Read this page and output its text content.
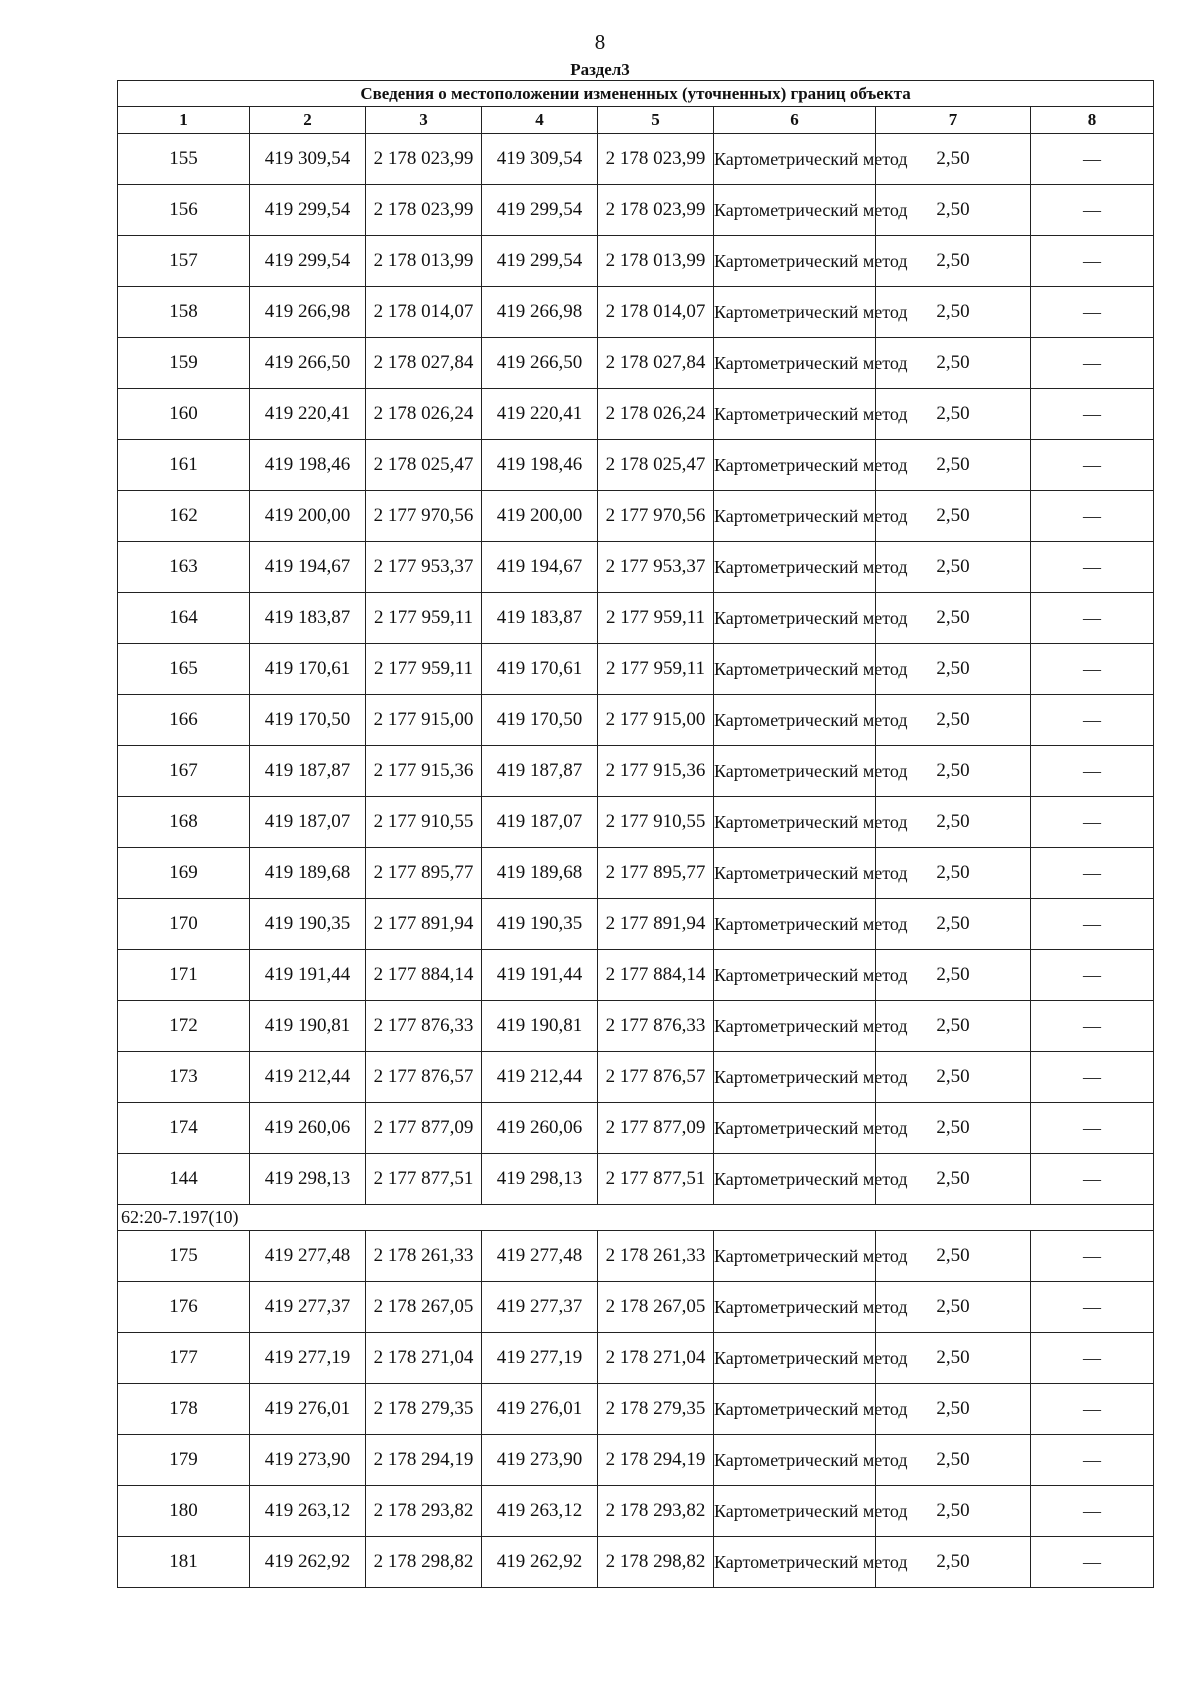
8
Раздел3
Сведения о местоположении измененных (уточненных) границ объекта							
1	2	3	4	5	6	7	8
155	419 309,54	2 178 023,99	419 309,54	2 178 023,99	Картометрический метод	2,50	—
156	419 299,54	2 178 023,99	419 299,54	2 178 023,99	Картометрический метод	2,50	—
157	419 299,54	2 178 013,99	419 299,54	2 178 013,99	Картометрический метод	2,50	—
158	419 266,98	2 178 014,07	419 266,98	2 178 014,07	Картометрический метод	2,50	—
159	419 266,50	2 178 027,84	419 266,50	2 178 027,84	Картометрический метод	2,50	—
160	419 220,41	2 178 026,24	419 220,41	2 178 026,24	Картометрический метод	2,50	—
161	419 198,46	2 178 025,47	419 198,46	2 178 025,47	Картометрический метод	2,50	—
162	419 200,00	2 177 970,56	419 200,00	2 177 970,56	Картометрический метод	2,50	—
163	419 194,67	2 177 953,37	419 194,67	2 177 953,37	Картометрический метод	2,50	—
164	419 183,87	2 177 959,11	419 183,87	2 177 959,11	Картометрический метод	2,50	—
165	419 170,61	2 177 959,11	419 170,61	2 177 959,11	Картометрический метод	2,50	—
166	419 170,50	2 177 915,00	419 170,50	2 177 915,00	Картометрический метод	2,50	—
167	419 187,87	2 177 915,36	419 187,87	2 177 915,36	Картометрический метод	2,50	—
168	419 187,07	2 177 910,55	419 187,07	2 177 910,55	Картометрический метод	2,50	—
169	419 189,68	2 177 895,77	419 189,68	2 177 895,77	Картометрический метод	2,50	—
170	419 190,35	2 177 891,94	419 190,35	2 177 891,94	Картометрический метод	2,50	—
171	419 191,44	2 177 884,14	419 191,44	2 177 884,14	Картометрический метод	2,50	—
172	419 190,81	2 177 876,33	419 190,81	2 177 876,33	Картометрический метод	2,50	—
173	419 212,44	2 177 876,57	419 212,44	2 177 876,57	Картометрический метод	2,50	—
174	419 260,06	2 177 877,09	419 260,06	2 177 877,09	Картометрический метод	2,50	—
144	419 298,13	2 177 877,51	419 298,13	2 177 877,51	Картометрический метод	2,50	—
62:20-7.197(10)							
175	419 277,48	2 178 261,33	419 277,48	2 178 261,33	Картометрический метод	2,50	—
176	419 277,37	2 178 267,05	419 277,37	2 178 267,05	Картометрический метод	2,50	—
177	419 277,19	2 178 271,04	419 277,19	2 178 271,04	Картометрический метод	2,50	—
178	419 276,01	2 178 279,35	419 276,01	2 178 279,35	Картометрический метод	2,50	—
179	419 273,90	2 178 294,19	419 273,90	2 178 294,19	Картометрический метод	2,50	—
180	419 263,12	2 178 293,82	419 263,12	2 178 293,82	Картометрический метод	2,50	—
181	419 262,92	2 178 298,82	419 262,92	2 178 298,82	Картометрический метод	2,50	—
